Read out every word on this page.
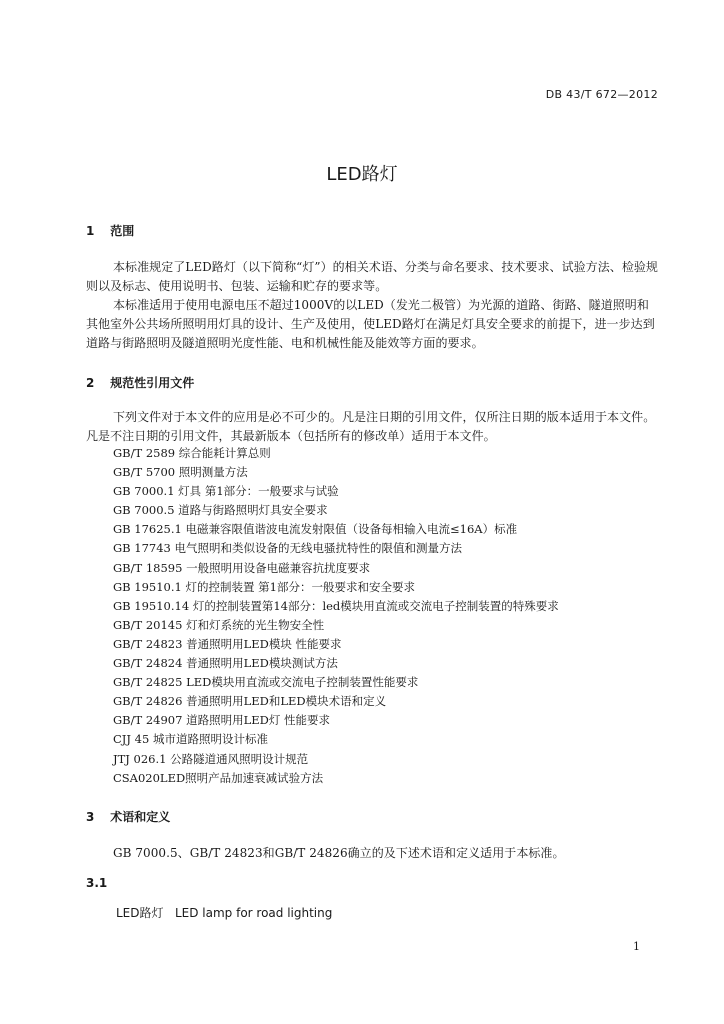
DB 43/T 672—2012
LED路灯
1 范围
本标准规定了LED路灯（以下简称“灯”）的相关术语、分类与命名要求、技术要求、试验方法、检验规则以及标志、使用说明书、包装、运输和贮存的要求等。
本标准适用于使用电源电压不超过1000V的以LED（发光二极管）为光源的道路、街路、隧道照明和其他室外公共场所照明用灯具的设计、生产及使用，使LED路灯在满足灯具安全要求的前提下，进一步达到道路与街路照明及隧道照明光度性能、电和机械性能及能效等方面的要求。
2 规范性引用文件
下列文件对于本文件的应用是必不可少的。凡是注日期的引用文件，仅所注日期的版本适用于本文件。凡是不注日期的引用文件，其最新版本（包括所有的修改单）适用于本文件。
GB/T 2589 综合能耗计算总则
GB/T 5700 照明测量方法
GB 7000.1 灯具 第1部分：一般要求与试验
GB 7000.5 道路与街路照明灯具安全要求
GB 17625.1 电磁兼容限值谐波电流发射限值（设备每相输入电流≤16A）标准
GB 17743 电气照明和类似设备的无线电骚扰特性的限值和测量方法
GB/T 18595 一般照明用设备电磁兼容抗扰度要求
GB 19510.1 灯的控制装置 第1部分：一般要求和安全要求
GB 19510.14 灯的控制装置第14部分：led模块用直流或交流电子控制装置的特殊要求
GB/T 20145 灯和灯系统的光生物安全性
GB/T 24823 普通照明用LED模块 性能要求
GB/T 24824 普通照明用LED模块测试方法
GB/T 24825 LED模块用直流或交流电子控制装置性能要求
GB/T 24826 普通照明用LED和LED模块术语和定义
GB/T 24907 道路照明用LED灯 性能要求
CJJ 45 城市道路照明设计标准
JTJ 026.1 公路隧道通风照明设计规范
CSA020LED照明产品加速衰减试验方法
3 术语和定义
GB 7000.5、GB/T 24823和GB/T 24826确立的及下述术语和定义适用于本标准。
3.1
LED路灯 LED lamp for road lighting
1
